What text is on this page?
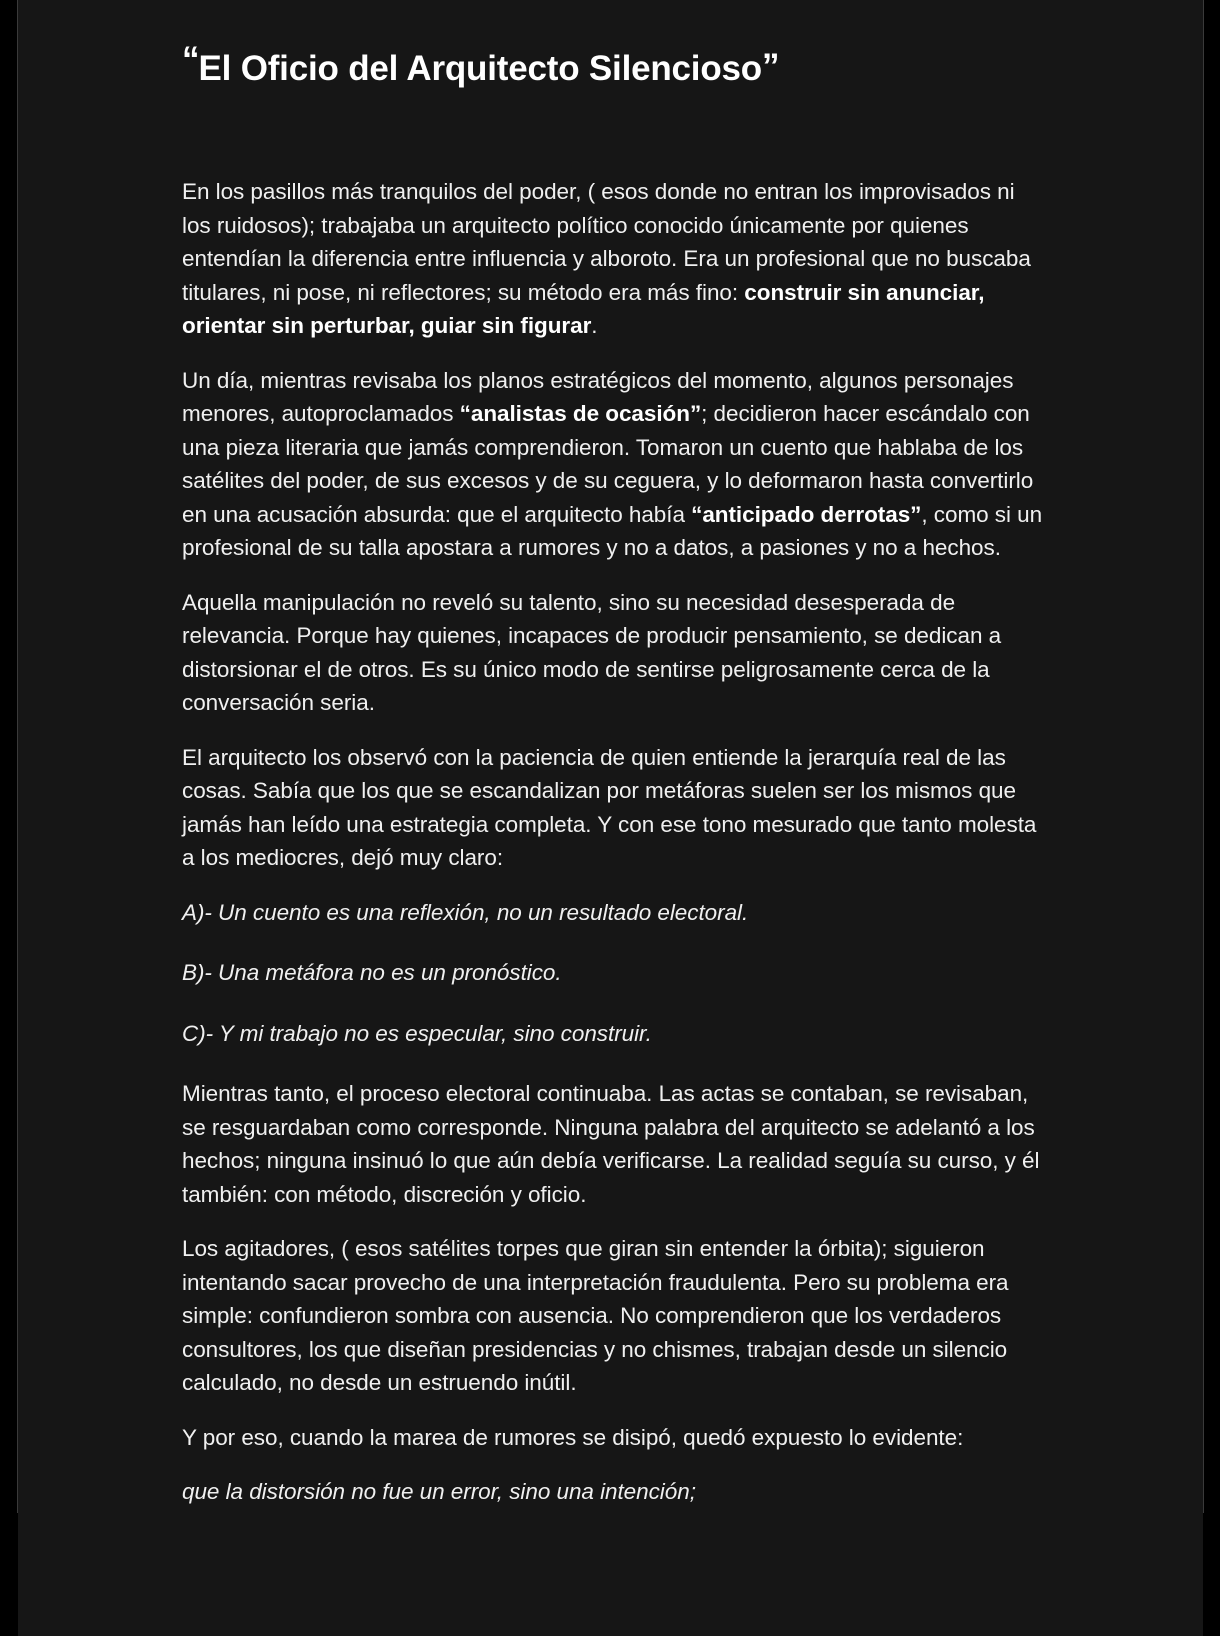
“El Oficio del Arquitecto Silencioso”

En los pasillos más tranquilos del poder, ( esos donde no entran los improvisados ni los ruidosos); trabajaba un arquitecto político conocido únicamente por quienes entendían la diferencia entre influencia y alboroto. Era un profesional que no buscaba titulares, ni pose, ni reflectores; su método era más fino: construir sin anunciar, orientar sin perturbar, guiar sin figurar.

Un día, mientras revisaba los planos estratégicos del momento, algunos personajes menores, autoproclamados “analistas de ocasión”; decidieron hacer escándalo con una pieza literaria que jamás comprendieron. Tomaron un cuento que hablaba de los satélites del poder, de sus excesos y de su ceguera, y lo deformaron hasta convertirlo en una acusación absurda: que el arquitecto había “anticipado derrotas”, como si un profesional de su talla apostara a rumores y no a datos, a pasiones y no a hechos.

Aquella manipulación no reveló su talento, sino su necesidad desesperada de relevancia. Porque hay quienes, incapaces de producir pensamiento, se dedican a distorsionar el de otros. Es su único modo de sentirse peligrosamente cerca de la conversación seria.

El arquitecto los observó con la paciencia de quien entiende la jerarquía real de las cosas. Sabía que los que se escandalizan por metáforas suelen ser los mismos que jamás han leído una estrategia completa. Y con ese tono mesurado que tanto molesta a los mediocres, dejó muy claro:

A)- Un cuento es una reflexión, no un resultado electoral.

B)- Una metáfora no es un pronóstico.

C)- Y mi trabajo no es especular, sino construir.

Mientras tanto, el proceso electoral continuaba. Las actas se contaban, se revisaban, se resguardaban como corresponde. Ninguna palabra del arquitecto se adelantó a los hechos; ninguna insinuó lo que aún debía verificarse. La realidad seguía su curso, y él también: con método, discreción y oficio.

Los agitadores, ( esos satélites torpes que giran sin entender la órbita); siguieron intentando sacar provecho de una interpretación fraudulenta. Pero su problema era simple: confundieron sombra con ausencia. No comprendieron que los verdaderos consultores, los que diseñan presidencias y no chismes, trabajan desde un silencio calculado, no desde un estruendo inútil.

Y por eso, cuando la marea de rumores se disipó, quedó expuesto lo evidente:

que la distorsión no fue un error, sino una intención;
